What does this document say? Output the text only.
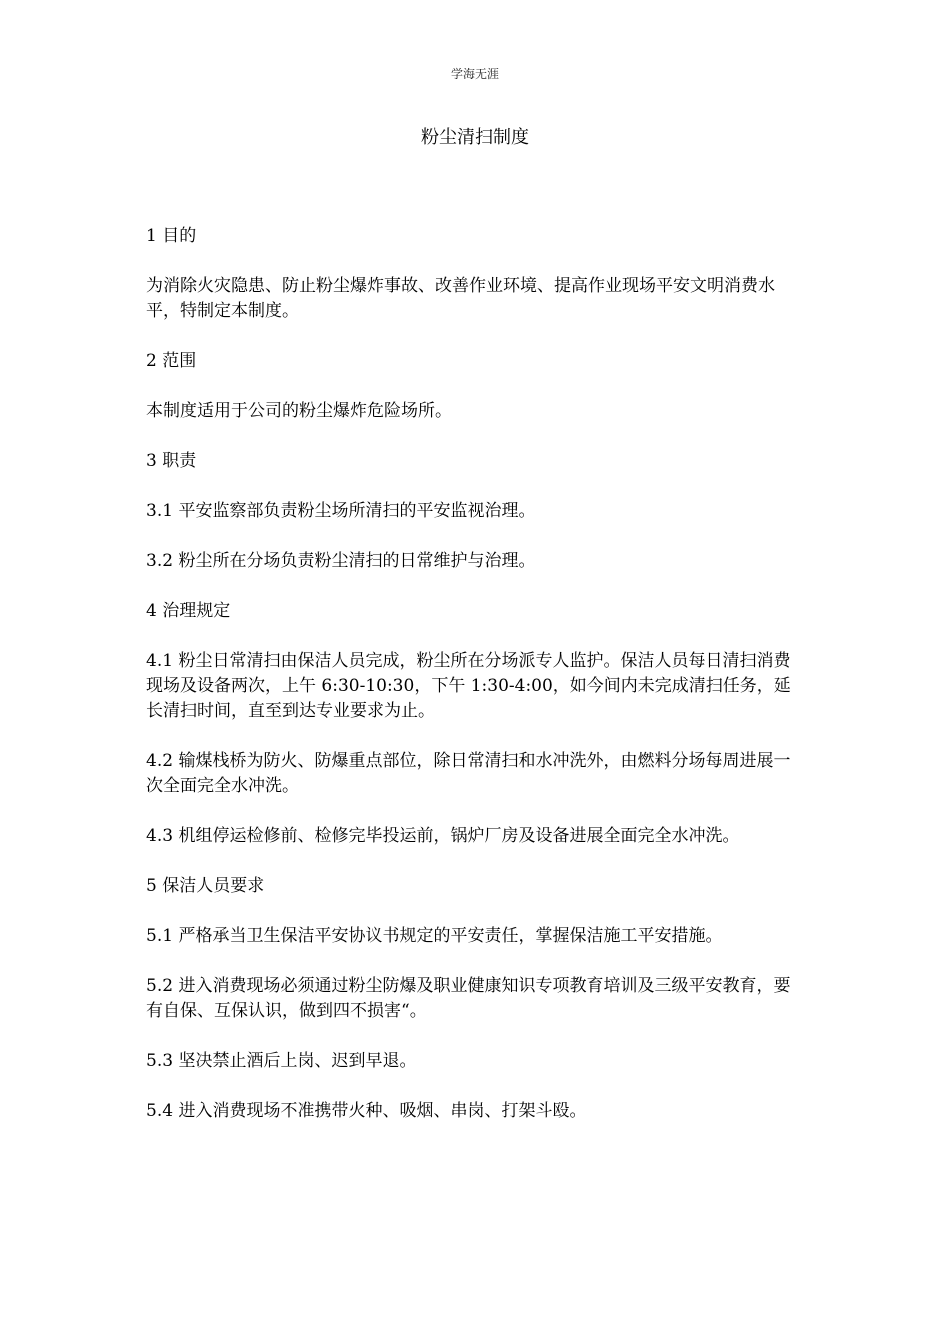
学海无涯
粉尘清扫制度

1 目的

为消除火灾隐患、防止粉尘爆炸事故、改善作业环境、提高作业现场平安文明消费水平，特制定本制度。

2 范围

本制度适用于公司的粉尘爆炸危险场所。

3 职责

3.1 平安监察部负责粉尘场所清扫的平安监视治理。

3.2 粉尘所在分场负责粉尘清扫的日常维护与治理。

4 治理规定

4.1 粉尘日常清扫由保洁人员完成，粉尘所在分场派专人监护。保洁人员每日清扫消费现场及设备两次，上午 6:30-10:30，下午 1:30-4:00，如今间内未完成清扫任务，延长清扫时间，直至到达专业要求为止。

4.2 输煤栈桥为防火、防爆重点部位，除日常清扫和水冲洗外，由燃料分场每周进展一次全面完全水冲洗。

4.3 机组停运检修前、检修完毕投运前，锅炉厂房及设备进展全面完全水冲洗。

5 保洁人员要求

5.1 严格承当卫生保洁平安协议书规定的平安责任，掌握保洁施工平安措施。

5.2 进入消费现场必须通过粉尘防爆及职业健康知识专项教育培训及三级平安教育，要有自保、互保认识，做到四不损害“。

5.3 坚决禁止酒后上岗、迟到早退。

5.4 进入消费现场不准携带火种、吸烟、串岗、打架斗殴。
